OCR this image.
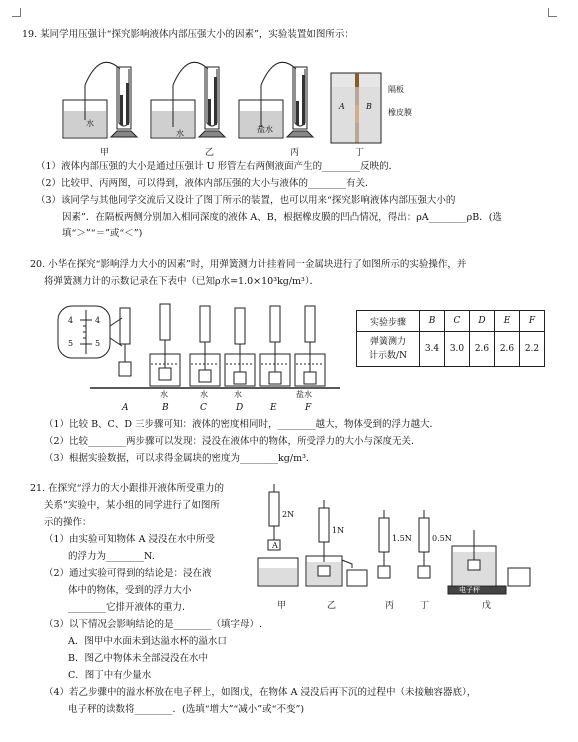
19. 某同学用压强计“探究影响液体内部压强大小的因素”，实验装置如图所示：
水
水	盐水
A	B
隔板
橡皮膜
甲	乙	丙	丁
（1）液体内部压强的大小是通过压强计 U 形管左右两侧液面产生的________反映的．
（2）比较甲、丙两图，可以得到，液体内部压强的大小与液体的________有关．
（3）该同学与其他同学交流后又设计了图丁所示的装置，也可以用来“探究影响液体内部压强大小的
因素”．在隔板两侧分别加入相同深度的液体 A、B，根据橡皮膜的凹凸情况，得出：ρA________ρB．(选
填“＞”“＝”或“＜”)
20. 小华在探究“影响浮力大小的因素”时，用弹簧测力计挂着同一金属块进行了如图所示的实验操作，并
将弹簧测力计的示数记录在下表中（已知ρ水=1.0×10³kg/m³）．
4	4
5	5
水	水	水	盐水
A	B	C	D	E	F
实验步骤	B	C	D	E	F

弹簧测力
计示数/N	3.4	3.0	2.6	2.6	2.2
（1）比较 B、C、D 三步骤可知：液体的密度相同时，________越大，物体受到的浮力越大．
（2）比较________两步骤可以发现：浸没在液体中的物体，所受浮力的大小与深度无关．
（3）根据实验数据，可以求得金属块的密度为________kg/m³．
21. 在探究“浮力的大小跟排开液体所受重力的
关系”实验中，某小组的同学进行了如图所
示的操作：
（1）由实验可知物体 A 浸没在水中所受
的浮力为________N.
（2）通过实验可得到的结论是：浸在液
体中的物体，受到的浮力大小
________它排开液体的重力．
（3）以下情况会影响结论的是________（填字母）.
A．图甲中水面未到达溢水杯的溢水口
B．图乙中物体未全部浸没在水中
C．图丁中有少量水
（4）若乙步骤中的溢水杯放在电子秤上，如图戊，在物体 A 浸没后再下沉的过程中（未接触容器底），
电子秤的读数将________．(选填“增大”“减小”或“不变”)
2N
1N
1.5N	0.5N
A
电子秤
甲	乙	丙	丁	戊
